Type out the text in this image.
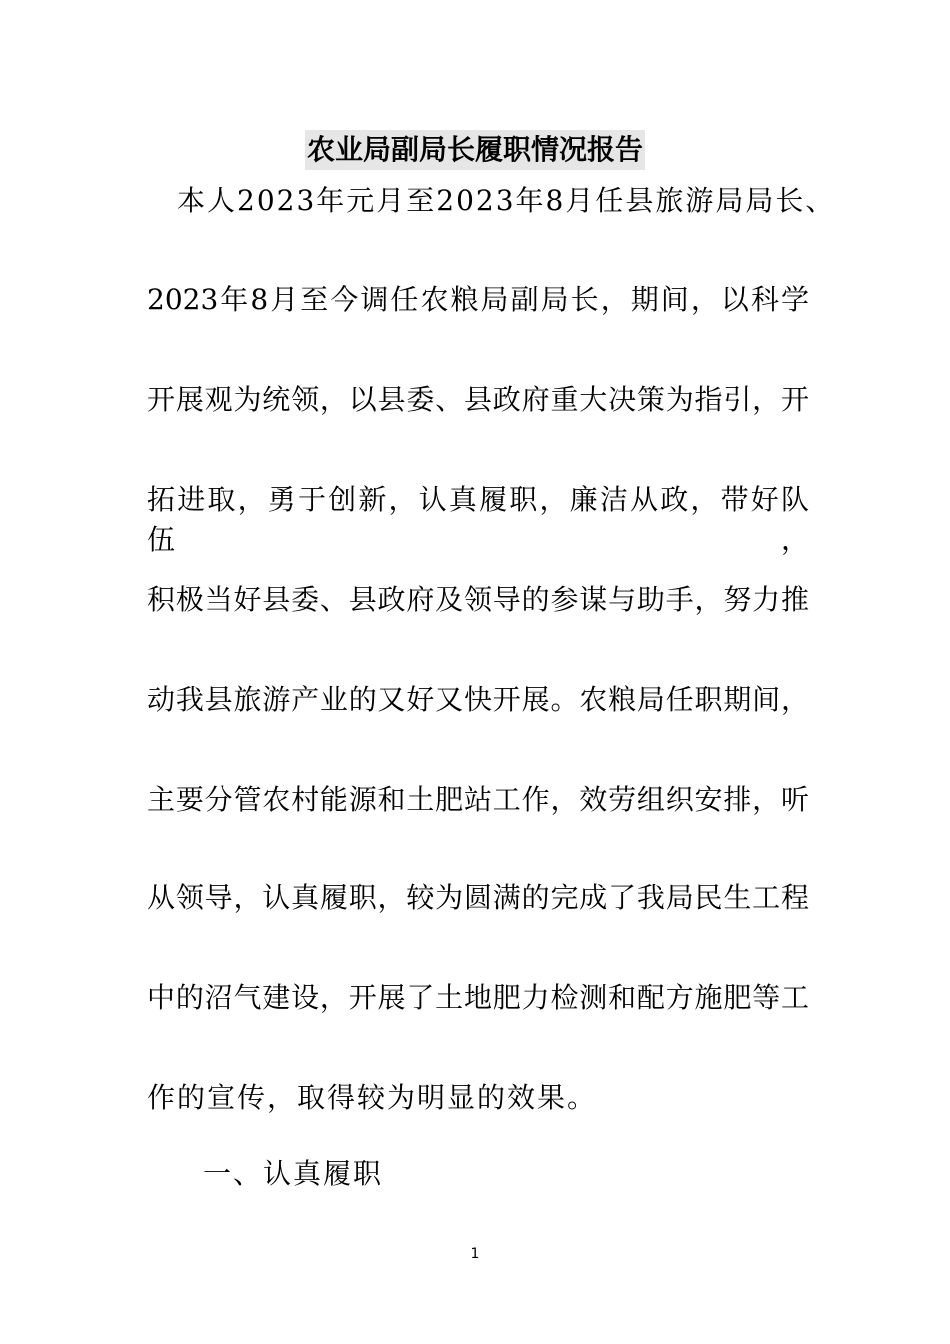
农业局副局长履职情况报告
本人2023年元月至2023年8月任县旅游局局长、
2023年8月至今调任农粮局副局长，期间，以科学
开展观为统领，以县委、县政府重大决策为指引，开
拓进取，勇于创新，认真履职，廉洁从政，带好队伍，
积极当好县委、县政府及领导的参谋与助手，努力推
动我县旅游产业的又好又快开展。农粮局任职期间，
主要分管农村能源和土肥站工作，效劳组织安排，听
从领导，认真履职，较为圆满的完成了我局民生工程
中的沼气建设，开展了土地肥力检测和配方施肥等工
作的宣传，取得较为明显的效果。
一、认真履职
1
